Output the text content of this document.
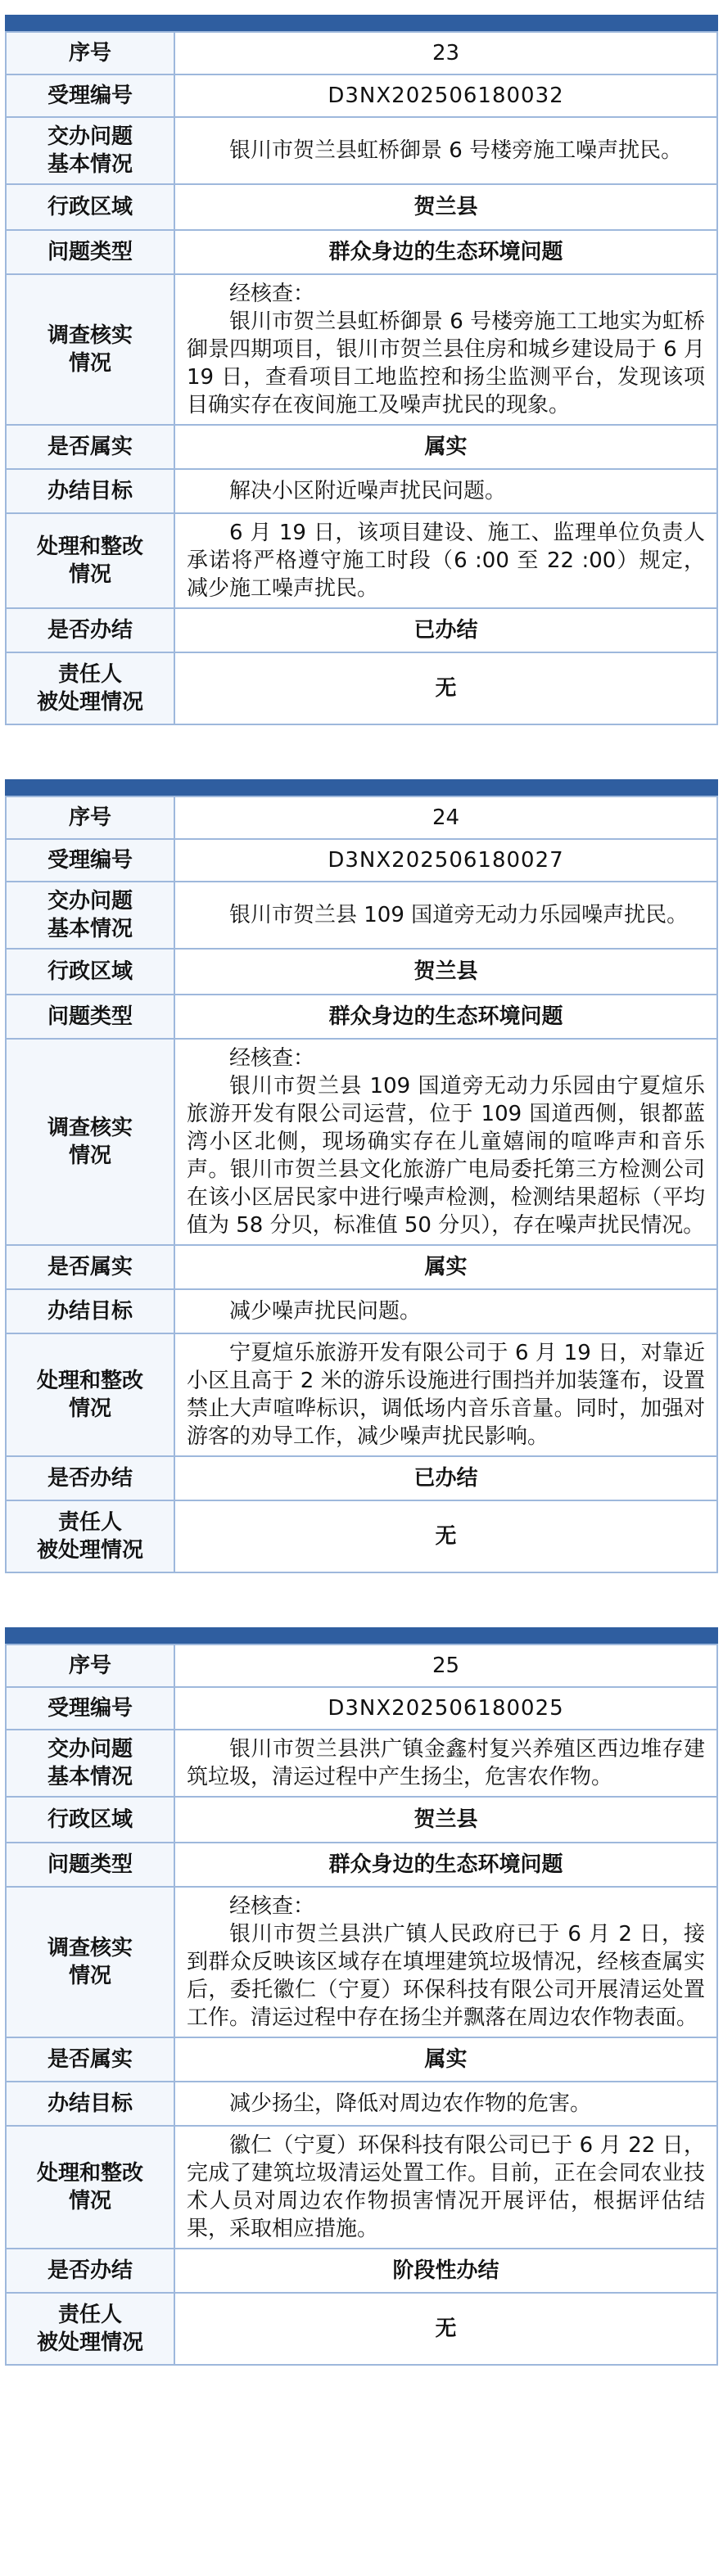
序号	23
受理编号	D3NX202506180032
交办问题
基本情况	银川市贺兰县虹桥御景 6 号楼旁施工噪声扰民。

行政区域	贺兰县
问题类型	群众身边的生态环境问题
调查核实
情况	经核查：
银川市贺兰县虹桥御景 6 号楼旁施工工地实为虹桥御景四期项目，银川市贺兰县住房和城乡建设局于 6 月 19 日，查看项目工地监控和扬尘监测平台，发现该项目确实存在夜间施工及噪声扰民的现象。

是否属实	属实
办结目标	解决小区附近噪声扰民问题。

处理和整改
情况	6 月 19 日，该项目建设、施工、监理单位负责人承诺将严格遵守施工时段（6 :00 至 22 :00）规定，减少施工噪声扰民。

是否办结	已办结
责任人
被处理情况	无
序号	24
受理编号	D3NX202506180027
交办问题
基本情况	银川市贺兰县 109 国道旁无动力乐园噪声扰民。

行政区域	贺兰县
问题类型	群众身边的生态环境问题
调查核实
情况	经核查：
银川市贺兰县 109 国道旁无动力乐园由宁夏煊乐旅游开发有限公司运营，位于 109 国道西侧，银都蓝湾小区北侧，现场确实存在儿童嬉闹的喧哗声和音乐声。银川市贺兰县文化旅游广电局委托第三方检测公司在该小区居民家中进行噪声检测，检测结果超标（平均值为 58 分贝，标准值 50 分贝），存在噪声扰民情况。

是否属实	属实
办结目标	减少噪声扰民问题。

处理和整改
情况	宁夏煊乐旅游开发有限公司于 6 月 19 日，对靠近小区且高于 2 米的游乐设施进行围挡并加装篷布，设置禁止大声喧哗标识，调低场内音乐音量。同时，加强对游客的劝导工作，减少噪声扰民影响。

是否办结	已办结
责任人
被处理情况	无
序号	25
受理编号	D3NX202506180025
交办问题
基本情况	银川市贺兰县洪广镇金鑫村复兴养殖区西边堆存建筑垃圾，清运过程中产生扬尘，危害农作物。

行政区域	贺兰县
问题类型	群众身边的生态环境问题
调查核实
情况	经核查：
银川市贺兰县洪广镇人民政府已于 6 月 2 日，接到群众反映该区域存在填埋建筑垃圾情况，经核查属实后，委托徽仁（宁夏）环保科技有限公司开展清运处置工作。清运过程中存在扬尘并飘落在周边农作物表面。

是否属实	属实
办结目标	减少扬尘，降低对周边农作物的危害。

处理和整改
情况	徽仁（宁夏）环保科技有限公司已于 6 月 22 日，完成了建筑垃圾清运处置工作。目前，正在会同农业技术人员对周边农作物损害情况开展评估，根据评估结果，采取相应措施。

是否办结	阶段性办结
责任人
被处理情况	无
